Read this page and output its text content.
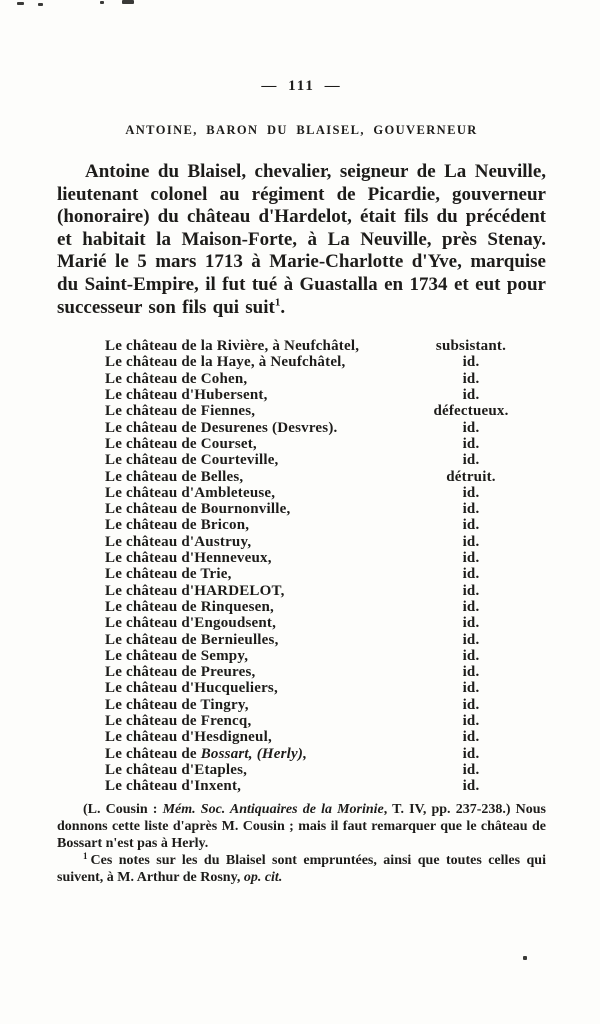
— 111 —
ANTOINE, BARON DU BLAISEL, GOUVERNEUR

Antoine du Blaisel, chevalier, seigneur de La Neuville, lieutenant colonel au régiment de Picardie, gouverneur (honoraire) du château d'Hardelot, était fils du précédent et habitait la Maison-Forte, à La Neuville, près Stenay. Marié le 5 mars 1713 à Marie-Charlotte d'Yve, marquise du Saint-Empire, il fut tué à Guastalla en 1734 et eut pour successeur son fils qui suit$^1$.

Le château de la Rivière, à Neufchâtel,	subsistant.
Le château de la Haye, à Neufchâtel,	id.
Le château de Cohen,	id.
Le château d'Hubersent,	id.
Le château de Fiennes,	défectueux.
Le château de Desurenes (Desvres).	id.
Le château de Courset,	id.
Le château de Courteville,	id.
Le château de Belles,	détruit.
Le château d'Ambleteuse,	id.
Le château de Bournonville,	id.
Le château de Bricon,	id.
Le château d'Austruy,	id.
Le château d'Henneveux,	id.
Le château de Trie,	id.
Le château d'HARDELOT,	id.
Le château de Rinquesen,	id.
Le château d'Engoudsent,	id.
Le château de Bernieulles,	id.
Le château de Sempy,	id.
Le château de Preures,	id.
Le château d'Hucqueliers,	id.
Le château de Tingry,	id.
Le château de Frencq,	id.
Le château d'Hesdigneul,	id.
Le château de Bossart, (Herly),	id.
Le château d'Etaples,	id.
Le château d'Inxent,	id.

(L. Cousin : Mém. Soc. Antiquaires de la Morinie, T. IV, pp. 237-238.) Nous donnons cette liste d'après M. Cousin ; mais il faut remarquer que le château de Bossart n'est pas à Herly.

$^1$ Ces notes sur les du Blaisel sont empruntées, ainsi que toutes celles qui suivent, à M. Arthur de Rosny, op. cit.
